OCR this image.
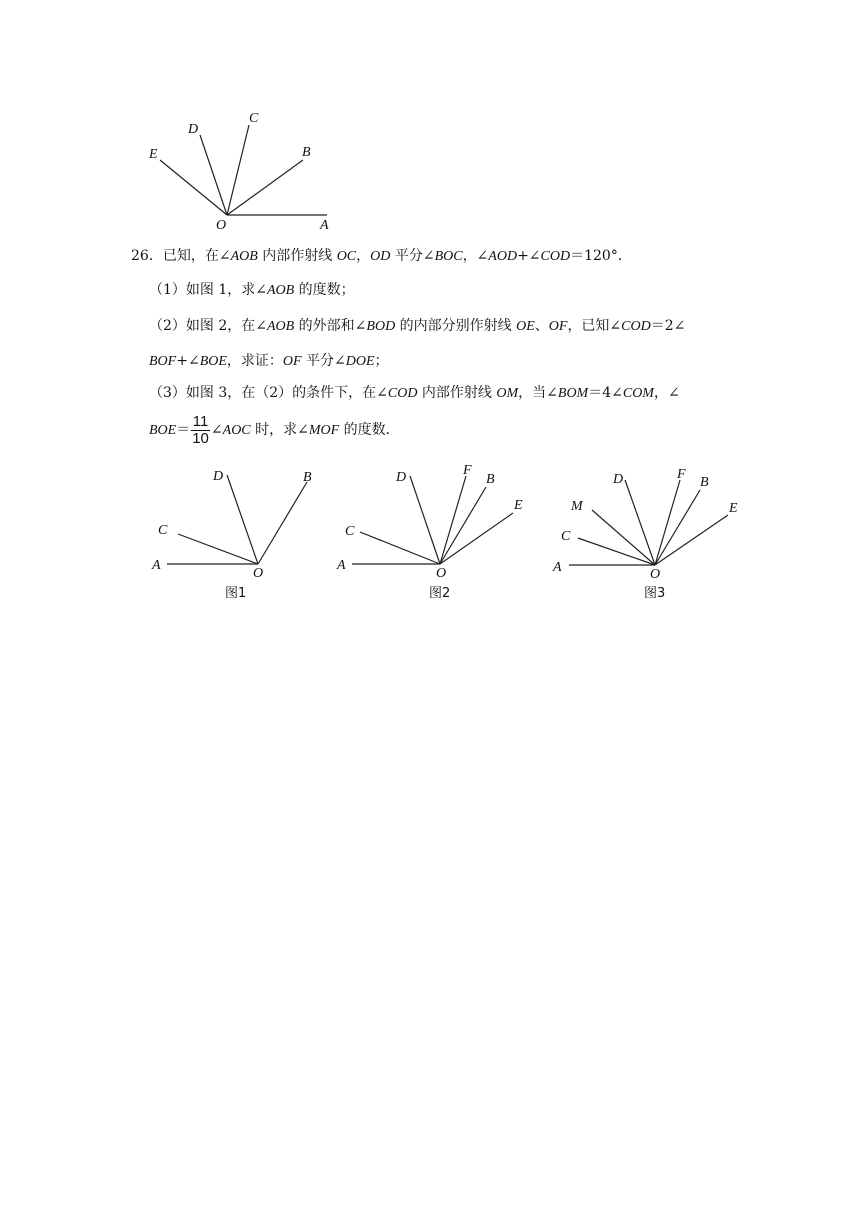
O	A
B
C
D
E
26．已知，在∠AOB 内部作射线 OC，OD 平分∠BOC，∠AOD+∠COD＝120°．
（1）如图 1，求∠AOB 的度数；
（2）如图 2，在∠AOB 的外部和∠BOD 的内部分别作射线 OE、OF，已知∠COD＝2∠
BOF+∠BOE，求证：OF 平分∠DOE；
（3）如图 3，在（2）的条件下，在∠COD 内部作射线 OM，当∠BOM＝4∠COM，∠
$BOE= \frac{11}{10}$ ∠AOC 时，求∠MOF 的度数．
A
C
D	B
O
图1
A
C
D	F
B
E
O
图2
A
C
M
D	F
B
E
O
图3
